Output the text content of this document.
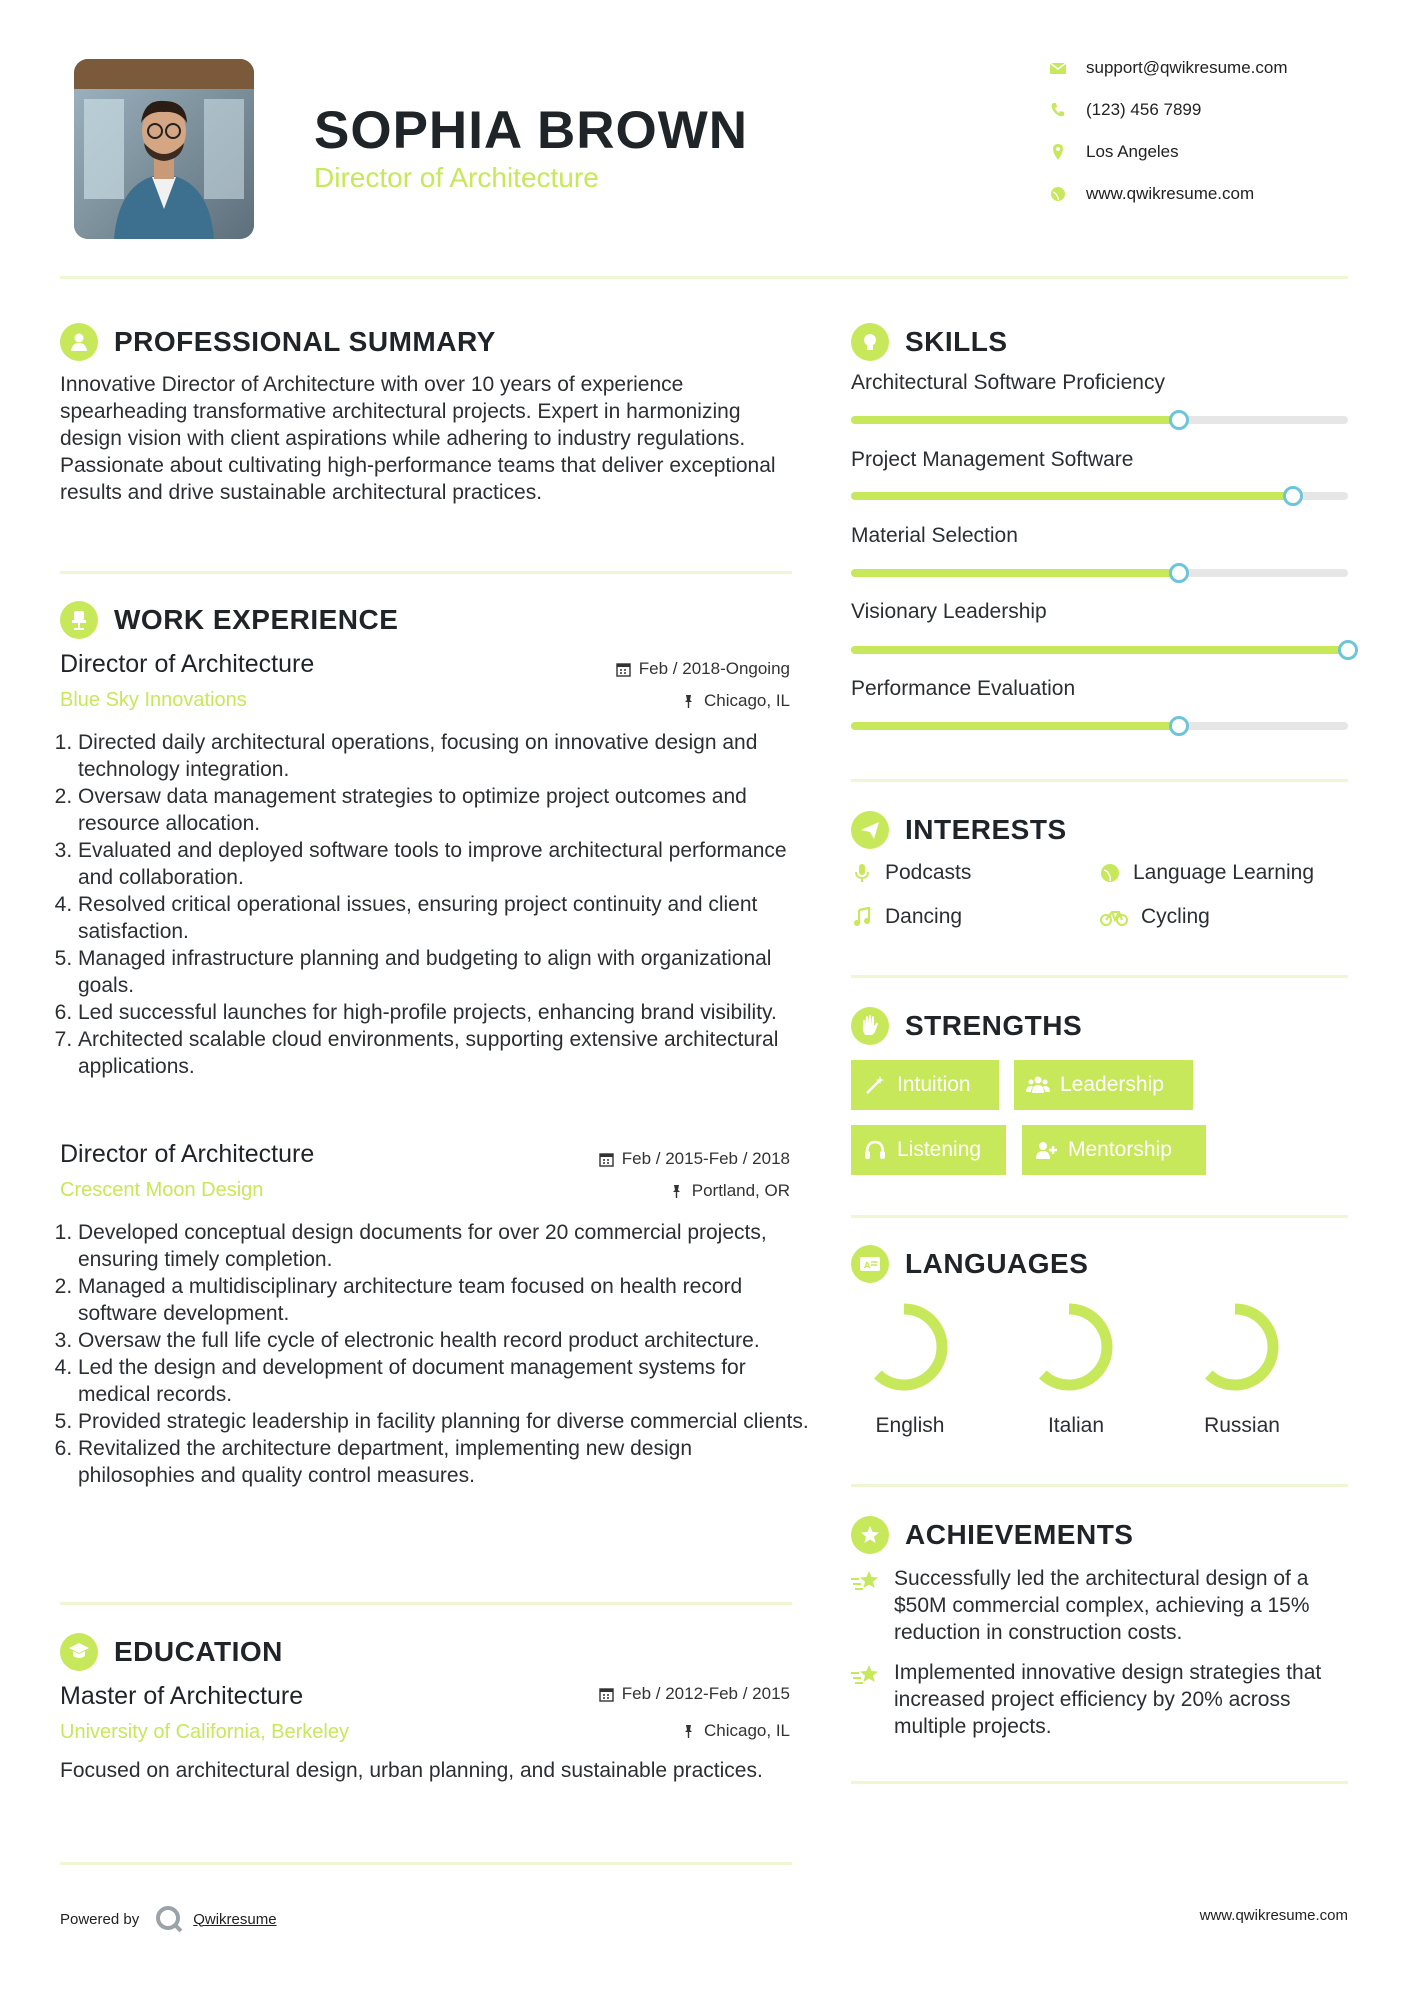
SOPHIA BROWN
Director of Architecture
support@qwikresume.com
(123) 456 7899
Los Angeles
www.qwikresume.com
PROFESSIONAL SUMMARY
Innovative Director of Architecture with over 10 years of experience spearheading transformative architectural projects. Expert in harmonizing design vision with client aspirations while adhering to industry regulations. Passionate about cultivating high-performance teams that deliver exceptional results and drive sustainable architectural practices.
WORK EXPERIENCE
Director of Architecture
Blue Sky Innovations
Feb / 2018-Ongoing
Chicago, IL
1. Directed daily architectural operations, focusing on innovative design and technology integration.
2. Oversaw data management strategies to optimize project outcomes and resource allocation.
3. Evaluated and deployed software tools to improve architectural performance and collaboration.
4. Resolved critical operational issues, ensuring project continuity and client satisfaction.
5. Managed infrastructure planning and budgeting to align with organizational goals.
6. Led successful launches for high-profile projects, enhancing brand visibility.
7. Architected scalable cloud environments, supporting extensive architectural applications.
Director of Architecture
Crescent Moon Design
Feb / 2015-Feb / 2018
Portland, OR
1. Developed conceptual design documents for over 20 commercial projects, ensuring timely completion.
2. Managed a multidisciplinary architecture team focused on health record software development.
3. Oversaw the full life cycle of electronic health record product architecture.
4. Led the design and development of document management systems for medical records.
5. Provided strategic leadership in facility planning for diverse commercial clients.
6. Revitalized the architecture department, implementing new design philosophies and quality control measures.
EDUCATION
Master of Architecture
University of California, Berkeley
Feb / 2012-Feb / 2015
Chicago, IL
Focused on architectural design, urban planning, and sustainable practices.
SKILLS
Architectural Software Proficiency
Project Management Software
Material Selection
Visionary Leadership
Performance Evaluation
INTERESTS
Podcasts	Language Learning
Dancing	Cycling
STRENGTHS
Intuition	Leadership
Listening	Mentorship
A LANGUAGES
English	Italian	Russian
ACHIEVEMENTS
Successfully led the architectural design of a $50M commercial complex, achieving a 15% reduction in construction costs.
Implemented innovative design strategies that increased project efficiency by 20% across multiple projects.
Powered by	Qwikresume	www.qwikresume.com
